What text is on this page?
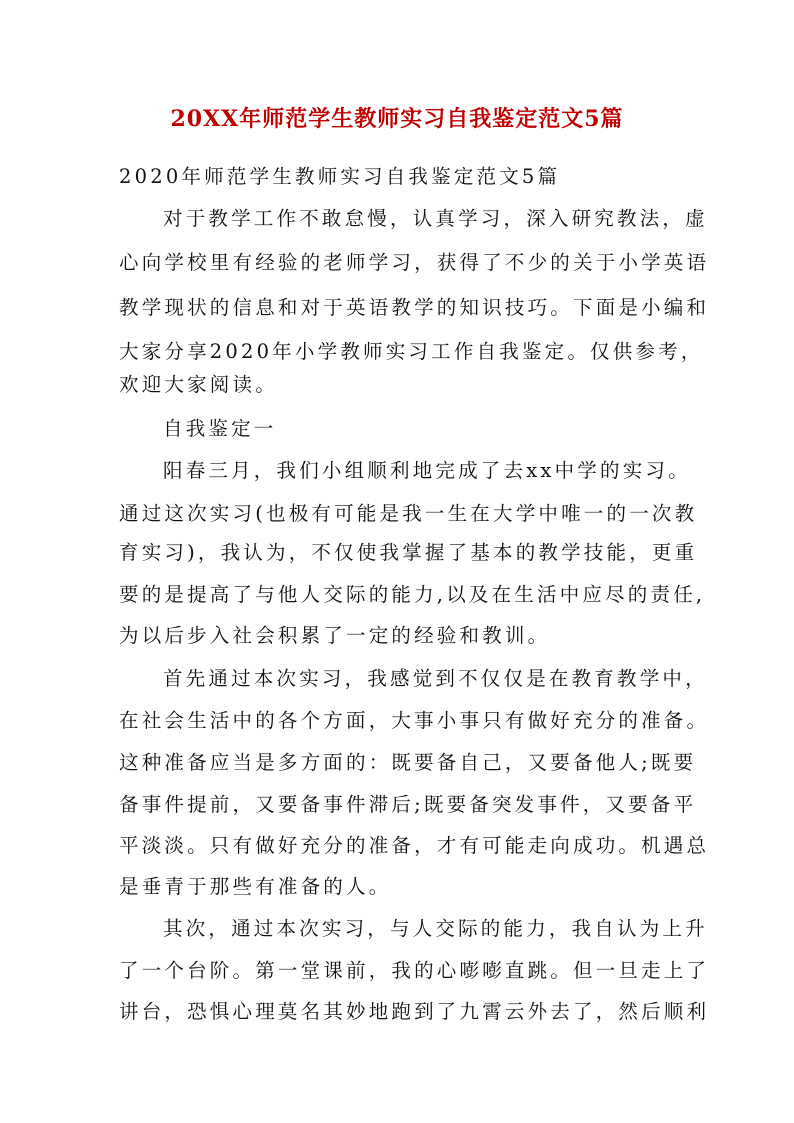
20XX年师范学生教师实习自我鉴定范文5篇
2020年师范学生教师实习自我鉴定范文5篇
对于教学工作不敢怠慢，认真学习，深入研究教法，虚
心向学校里有经验的老师学习，获得了不少的关于小学英语
教学现状的信息和对于英语教学的知识技巧。下面是小编和
大家分享2020年小学教师实习工作自我鉴定。仅供参考，
欢迎大家阅读。
自我鉴定一
阳春三月，我们小组顺利地完成了去xx中学的实习。
通过这次实习(也极有可能是我一生在大学中唯一的一次教
育实习)，我认为，不仅使我掌握了基本的教学技能，更重
要的是提高了与他人交际的能力,以及在生活中应尽的责任,
为以后步入社会积累了一定的经验和教训。
首先通过本次实习，我感觉到不仅仅是在教育教学中，
在社会生活中的各个方面，大事小事只有做好充分的准备。
这种准备应当是多方面的：既要备自己，又要备他人;既要
备事件提前，又要备事件滞后;既要备突发事件，又要备平
平淡淡。只有做好充分的准备，才有可能走向成功。机遇总
是垂青于那些有准备的人。
其次，通过本次实习，与人交际的能力，我自认为上升
了一个台阶。第一堂课前，我的心嘭嘭直跳。但一旦走上了
讲台，恐惧心理莫名其妙地跑到了九霄云外去了，然后顺利
